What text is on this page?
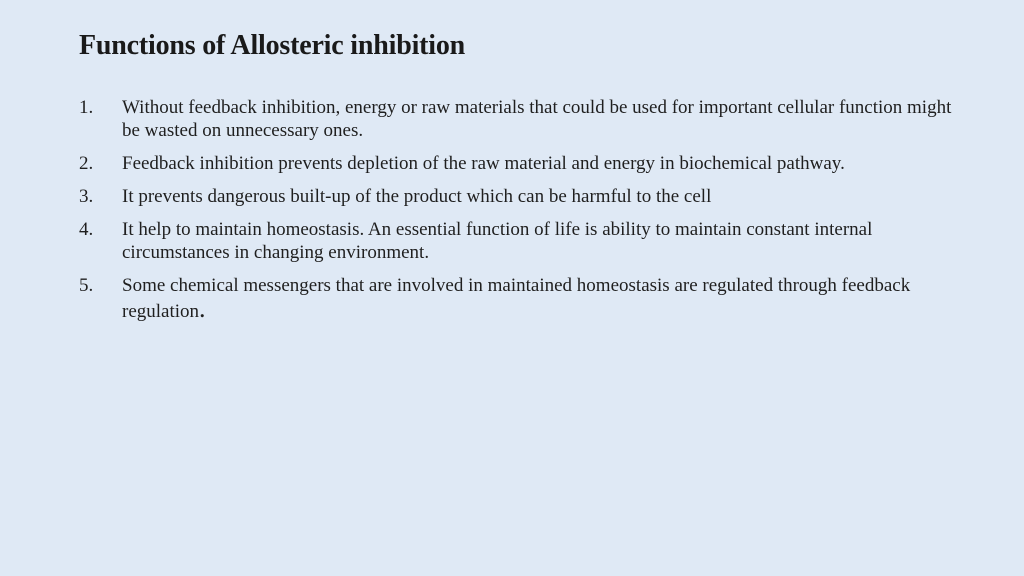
Functions of Allosteric inhibition
1.	Without feedback inhibition, energy or raw materials that could be used for important cellular function might be wasted on unnecessary ones.
2.	Feedback inhibition prevents depletion of the raw material and energy in biochemical pathway.
3.	It prevents dangerous built-up of the product which can be harmful to the cell
4.	It help to maintain homeostasis. An essential function of life is ability to maintain constant internal circumstances in changing environment.
5.	Some chemical messengers that are involved in maintained homeostasis are regulated through feedback regulation.
